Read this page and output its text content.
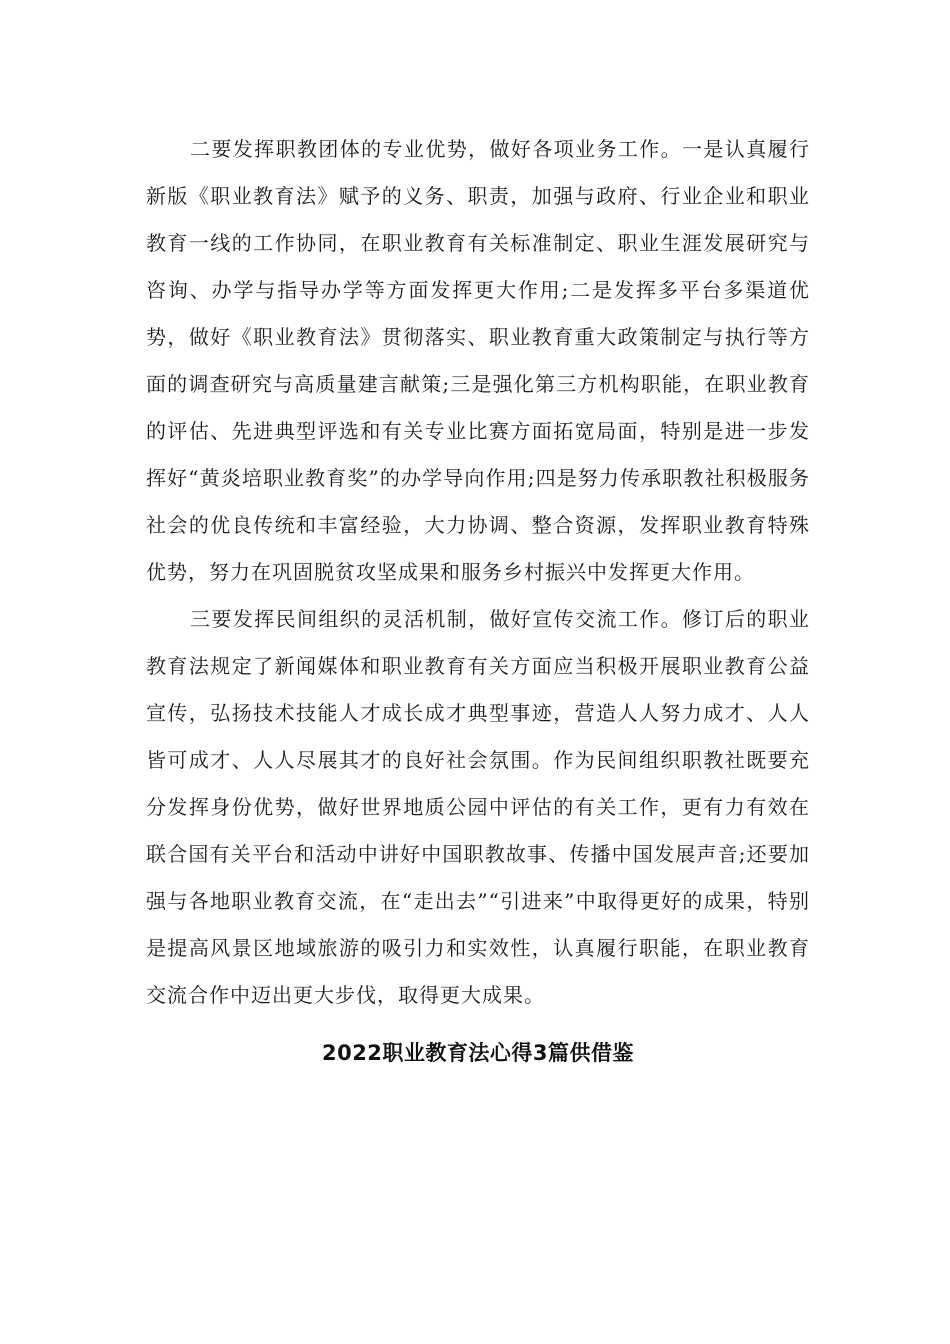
二要发挥职教团体的专业优势，做好各项业务工作。一是认真履行新版《职业教育法》赋予的义务、职责，加强与政府、行业企业和职业教育一线的工作协同，在职业教育有关标准制定、职业生涯发展研究与咨询、办学与指导办学等方面发挥更大作用;二是发挥多平台多渠道优势，做好《职业教育法》贯彻落实、职业教育重大政策制定与执行等方面的调查研究与高质量建言献策;三是强化第三方机构职能，在职业教育的评估、先进典型评选和有关专业比赛方面拓宽局面，特别是进一步发挥好“黄炎培职业教育奖”的办学导向作用;四是努力传承职教社积极服务社会的优良传统和丰富经验，大力协调、整合资源，发挥职业教育特殊优势，努力在巩固脱贫攻坚成果和服务乡村振兴中发挥更大作用。

三要发挥民间组织的灵活机制，做好宣传交流工作。修订后的职业教育法规定了新闻媒体和职业教育有关方面应当积极开展职业教育公益宣传，弘扬技术技能人才成长成才典型事迹，营造人人努力成才、人人皆可成才、人人尽展其才的良好社会氛围。作为民间组织职教社既要充分发挥身份优势，做好世界地质公园中评估的有关工作，更有力有效在联合国有关平台和活动中讲好中国职教故事、传播中国发展声音;还要加强与各地职业教育交流，在“走出去”“引进来”中取得更好的成果，特别是提高风景区地域旅游的吸引力和实效性，认真履行职能，在职业教育交流合作中迈出更大步伐，取得更大成果。

2022职业教育法心得3篇供借鉴
